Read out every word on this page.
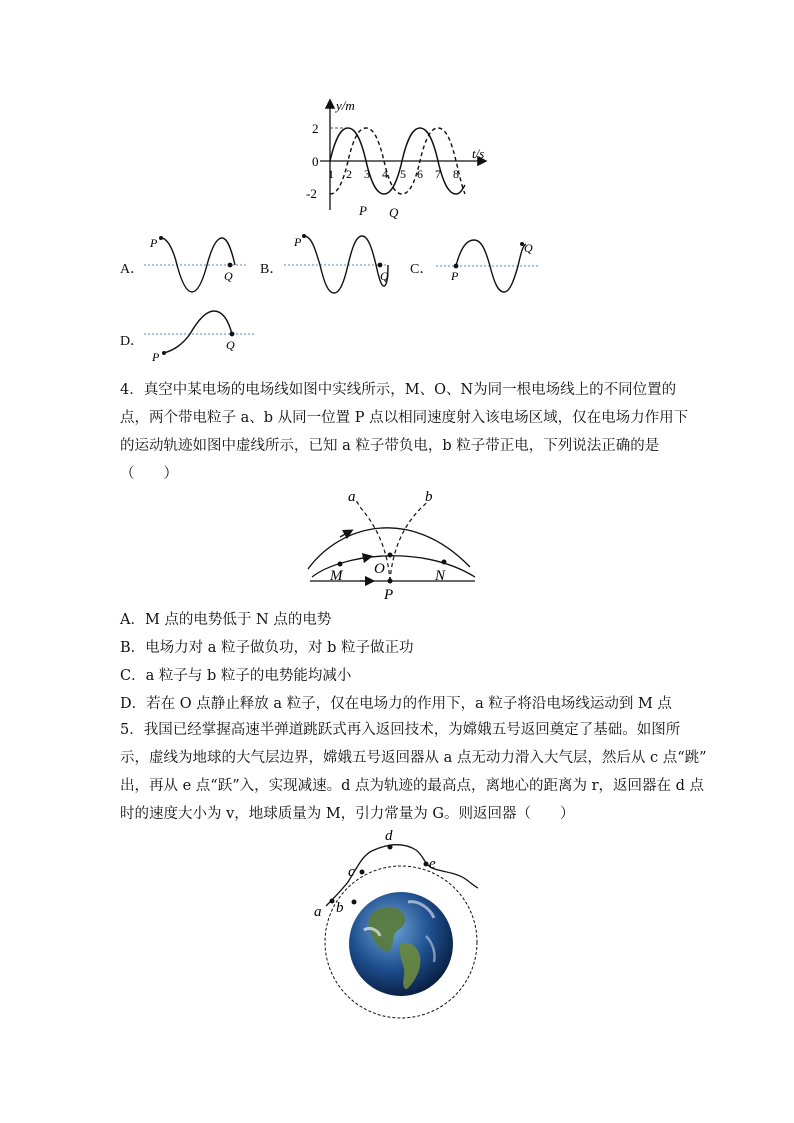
y/m
t/s
2
0
-2
1 2 3 4 5 6 7 8
P Q
A．
P
Q B．
P
Q C． P
Q
D．
P
Q
4．真空中某电场的电场线如图中实线所示，M、O、N为同一根电场线上的不同位置的
点，两个带电粒子 a、b 从同一位置 P 点以相同速度射入该电场区域，仅在电场力作用下
的运动轨迹如图中虚线所示，已知 a 粒子带负电，b 粒子带正电，下列说法正确的是
（　　）
a	b
O
M	N
P
A．M 点的电势低于 N 点的电势
B．电场力对 a 粒子做负功，对 b 粒子做正功
C．a 粒子与 b 粒子的电势能均减小
D．若在 O 点静止释放 a 粒子，仅在电场力的作用下，a 粒子将沿电场线运动到 M 点
5．我国已经掌握高速半弹道跳跃式再入返回技术，为嫦娥五号返回奠定了基础。如图所
示，虚线为地球的大气层边界，嫦娥五号返回器从 a 点无动力滑入大气层，然后从 c 点“跳”
出，再从 e 点“跃”入，实现减速。d 点为轨迹的最高点，离地心的距离为 r，返回器在 d 点
时的速度大小为 v，地球质量为 M，引力常量为 G。则返回器（　　）
a b
c
d
e
